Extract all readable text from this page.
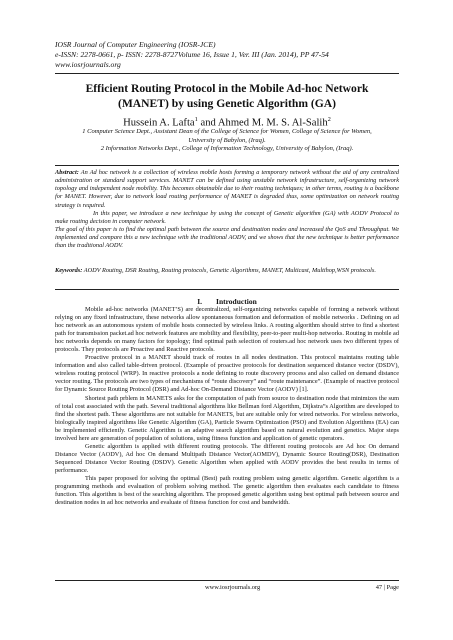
IOSR Journal of Computer Engineering (IOSR-JCE)
e-ISSN: 2278-0661, p- ISSN: 2278-8727Volume 16, Issue 1, Ver. III (Jan. 2014), PP 47-54
www.iosrjournals.org
Efficient Routing Protocol in the Mobile Ad-hoc Network
(MANET) by using Genetic Algorithm (GA)
Hussein A. Lafta$^1$ and Ahmed M. M. S. Al-Salih$^2$
1 Computer Science Dept., Assistant Dean of the College of Science for Women, College of Science for Women,
University of Babylon, (Iraq).
2 Information Networks Dept., College of Information Technology, University of Babylon, (Iraq).

Abstract: An Ad hoc network is a collection of wireless mobile hosts forming a temporary network without the aid of any centralized administration or standard support services. MANET can be defined using unstable network infrastructure, self-organizing network topology and independent node mobility. This becomes obtainable due to their routing techniques; in other terms, routing is a backbone for MANET. However, due to network load routing performance of MANET is degraded thus, some optimization on network routing strategy is required.

In this paper, we introduce a new technique by using the concept of Genetic algorithm (GA) with AODV Protocol to make routing decision in computer network.

The goal of this paper is to find the optimal path between the source and destination nodes and increased the QoS and Throughput. We implemented and compare this a new technique with the traditional AODV, and we shows that the new technique is better performance than the traditional AODV.

Keywords: AODV Routing, DSR Routing, Routing protocols, Genetic Algorithms, MANET, Multicast, Multihop,WSN protocols.
I. Introduction

Mobile ad-hoc networks (MANET’S) are decentralized, self-organizing networks capable of forming a network without relying on any fixed infrastructure, these networks allow spontaneous formation and deformation of mobile networks . Defining on ad hoc network as an autonomous system of mobile hosts connected by wireless links. A routing algorithm should strive to find a shortest path for transmission packet.ad hoc network features are mobility and flexibility, peer-to-peer multi-hop networks. Routing in mobile ad hoc networks depends on many factors for topology; find optimal path selection of routers.ad hoc network uses two different types of protocols. They protocols are Proactive and Reactive protocols.

Proactive protocol in a MANET should track of routes in all nodes destination. This protocol maintains routing table information and also called table-driven protocol. (Example of proactive protocols for destination sequenced distance vector (DSDV), wireless routing protocol (WRP). In reactive protocols a node defining to route discovery process and also called on demand distance vector routing. The protocols are two types of mechanisms of “route discovery” and “route maintenance”. (Example of reactive protocol for Dynamic Source Routing Protocol (DSR) and Ad-hoc On-Demand Distance Vector (AODV) [1].

Shortest path prblem in MANETS asks for the computation of path from source to destination node that minimizes the sum of total cost associated with the path. Several traditional algorithms like Bellman ford Algorithm, Dijkstra”s Algorithm are developed to find the shortest path. These algorithms are not suitable for MANETS, but are suitable only for wired networks. For wireless networks, biologically inspired algorithms like Genetic Algorithm (GA), Particle Swarm Optimization (PSO) and Evolution Algorithms (EA) can be implemented efficiently. Genetic Algorithm is an adaptive search algorithm based on natural evolution and genetics. Major steps involved here are generation of population of solutions, using fitness function and application of genetic operators.

Genetic algorithm is applied with different routing protocols. The different routing protocols are Ad hoc On demand Distance Vector (AODV), Ad hoc On demand Multipath Distance Vector(AOMDV), Dynamic Source Routing(DSR), Destination Sequenced Distance Vector Routing (DSDV). Genetic Algorithm when applied with AODV provides the best results in terms of performance.

This paper proposed for solving the optimal (Best) path routing problem using genetic algorithm. Genetic algorithm is a programming methods and evaluation of problem solving method. The genetic algorithm then evaluates each candidate to fitness function. This algorithm is best of the searching algorithm. The proposed genetic algorithm using best optimal path between source and destination nodes in ad hoc networks and evaluate of fitness function for cost and bandwidth.

www.iosrjournals.org	47 | Page
